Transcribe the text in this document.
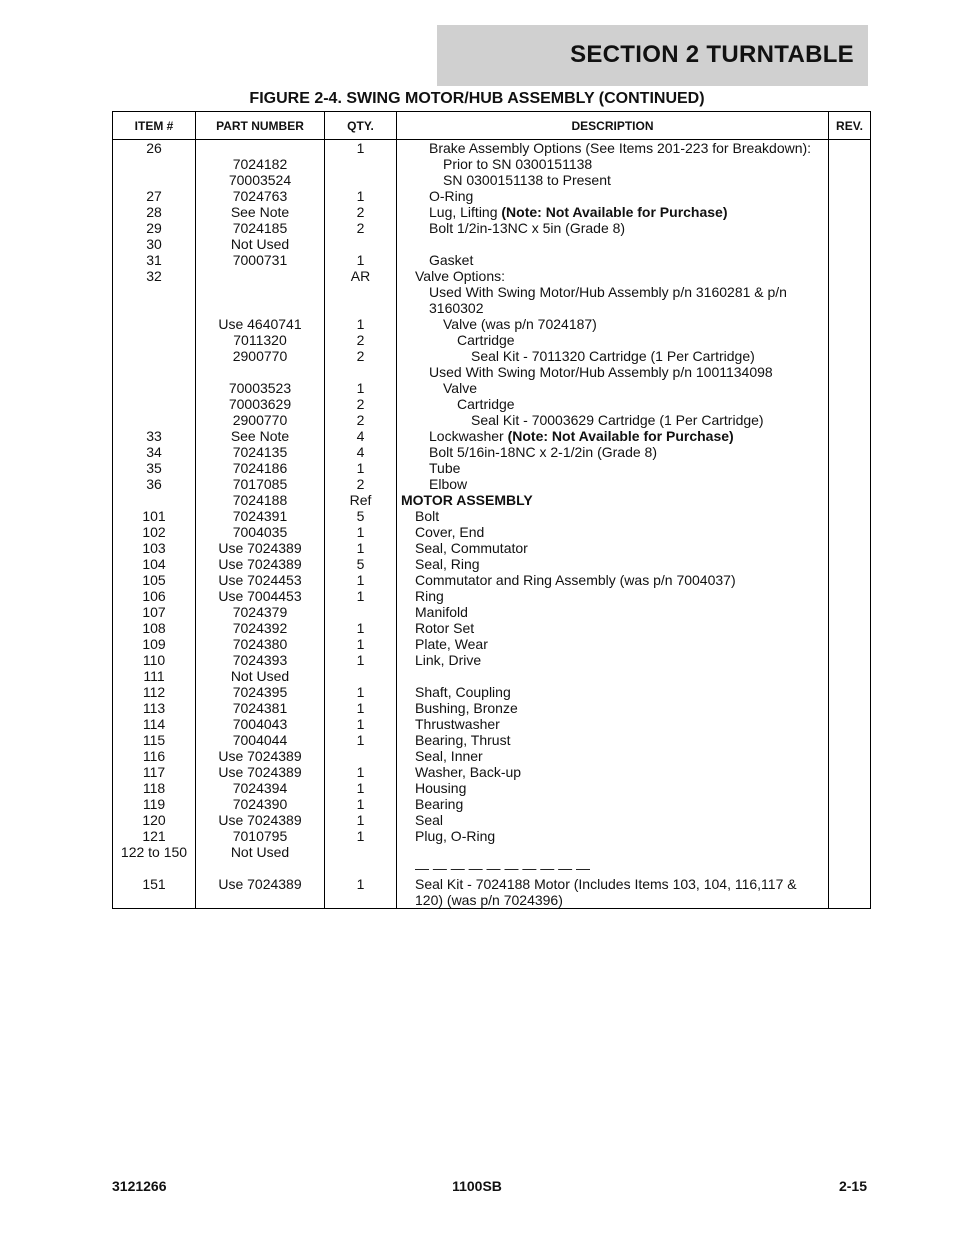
SECTION 2 TURNTABLE
FIGURE 2-4. SWING MOTOR/HUB ASSEMBLY (CONTINUED)
ITEM #	PART NUMBER	QTY.	DESCRIPTION	REV.
26		1	Brake Assembly Options (See Items 201-223 for Breakdown):	
	7024182		Prior to SN 0300151138	
	70003524		SN 0300151138 to Present	
27	7024763	1	O-Ring	
28	See Note	2	Lug, Lifting (Note: Not Available for Purchase)	
29	7024185	2	Bolt 1/2in-13NC x 5in (Grade 8)	
30	Not Used			
31	7000731	1	Gasket	
32		AR	Valve Options:	
			Used With Swing Motor/Hub Assembly p/n 3160281 & p/n 3160302	
	Use 4640741	1	Valve (was p/n 7024187)	
	7011320	2	Cartridge	
	2900770	2	Seal Kit - 7011320 Cartridge (1 Per Cartridge)	
			Used With Swing Motor/Hub Assembly p/n 1001134098	
	70003523	1	Valve	
	70003629	2	Cartridge	
	2900770	2	Seal Kit - 70003629 Cartridge (1 Per Cartridge)	
33	See Note	4	Lockwasher (Note: Not Available for Purchase)	
34	7024135	4	Bolt 5/16in-18NC x 2-1/2in (Grade 8)	
35	7024186	1	Tube	
36	7017085	2	Elbow	

	7024188	Ref	MOTOR ASSEMBLY	

101	7024391	5	Bolt	
102	7004035	1	Cover, End	
103	Use 7024389	1	Seal, Commutator	
104	Use 7024389	5	Seal, Ring	
105	Use 7024453	1	Commutator and Ring Assembly (was p/n 7004037)	
106	Use 7004453	1	Ring	
107	7024379		Manifold	
108	7024392	1	Rotor Set	
109	7024380	1	Plate, Wear	
110	7024393	1	Link, Drive	
111	Not Used			
112	7024395	1	Shaft, Coupling	
113	7024381	1	Bushing, Bronze	
114	7004043	1	Thrustwasher	
115	7004044	1	Bearing, Thrust	
116	Use 7024389		Seal, Inner	
117	Use 7024389	1	Washer, Back-up	
118	7024394	1	Housing	
119	7024390	1	Bearing	
120	Use 7024389	1	Seal	
121	7010795	1	Plug, O-Ring	
122 to 150	Not Used			
			— — — — — — — — — —	
151	Use 7024389	1	Seal Kit - 7024188 Motor (Includes Items 103, 104, 116,117 & 120) (was p/n 7024396)	
3121266	1100SB	2-15
